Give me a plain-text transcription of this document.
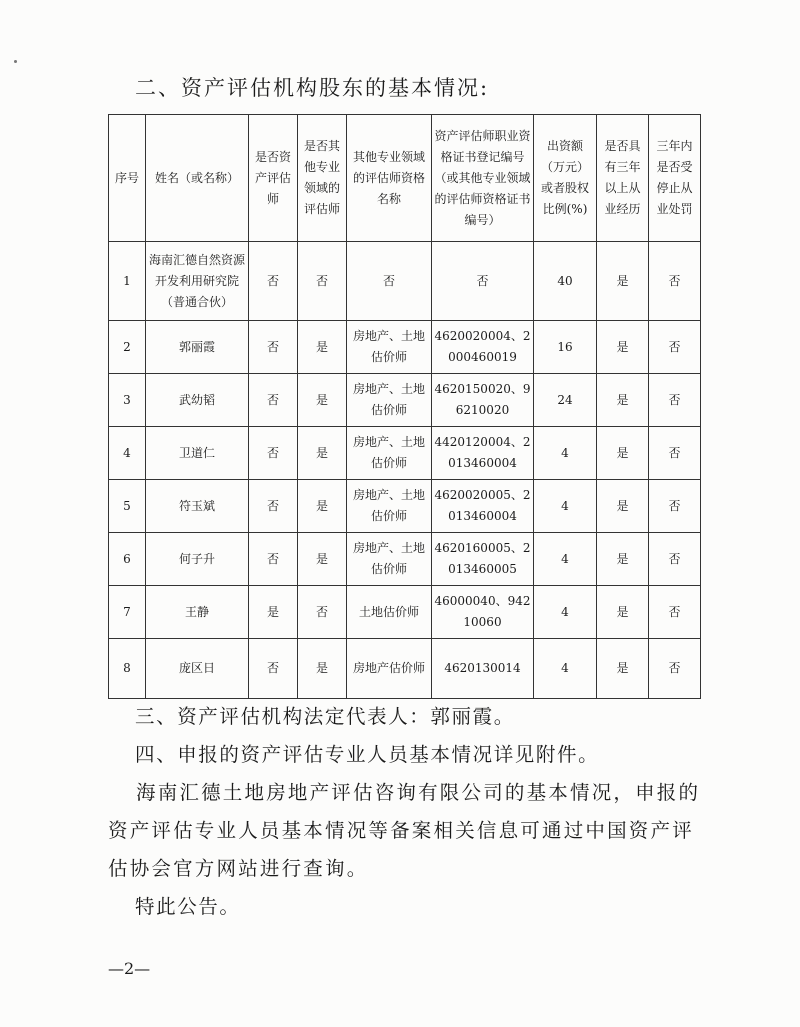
二、资产评估机构股东的基本情况:
序号	姓名（或名称）	是否资产评估师	是否其他专业领域的评估师	其他专业领域的评估师资格名称	资产评估师职业资格证书登记编号（或其他专业领域的评估师资格证书编号）	出资额（万元）或者股权比例(%)	是否具有三年以上从业经历	三年内是否受停止从业处罚
1	海南汇德自然资源开发利用研究院（普通合伙）	否	否	否	否	40	是	否
2	郭丽霞	否	是	房地产、土地估价师	4620020004、2000460019	16	是	否
3	武幼韬	否	是	房地产、土地估价师	4620150020、96210020	24	是	否
4	卫道仁	否	是	房地产、土地估价师	4420120004、2013460004	4	是	否
5	符玉斌	否	是	房地产、土地估价师	4620020005、2013460004	4	是	否
6	何子升	否	是	房地产、土地估价师	4620160005、2013460005	4	是	否
7	王静	是	否	土地估价师	46000040、94210060	4	是	否
8	庞区日	否	是	房地产估价师	4620130014	4	是	否
三、资产评估机构法定代表人：郭丽霞。
四、申报的资产评估专业人员基本情况详见附件。
海南汇德土地房地产评估咨询有限公司的基本情况，申报的资产评估专业人员基本情况等备案相关信息可通过中国资产评估协会官方网站进行查询。
特此公告。
—2—
